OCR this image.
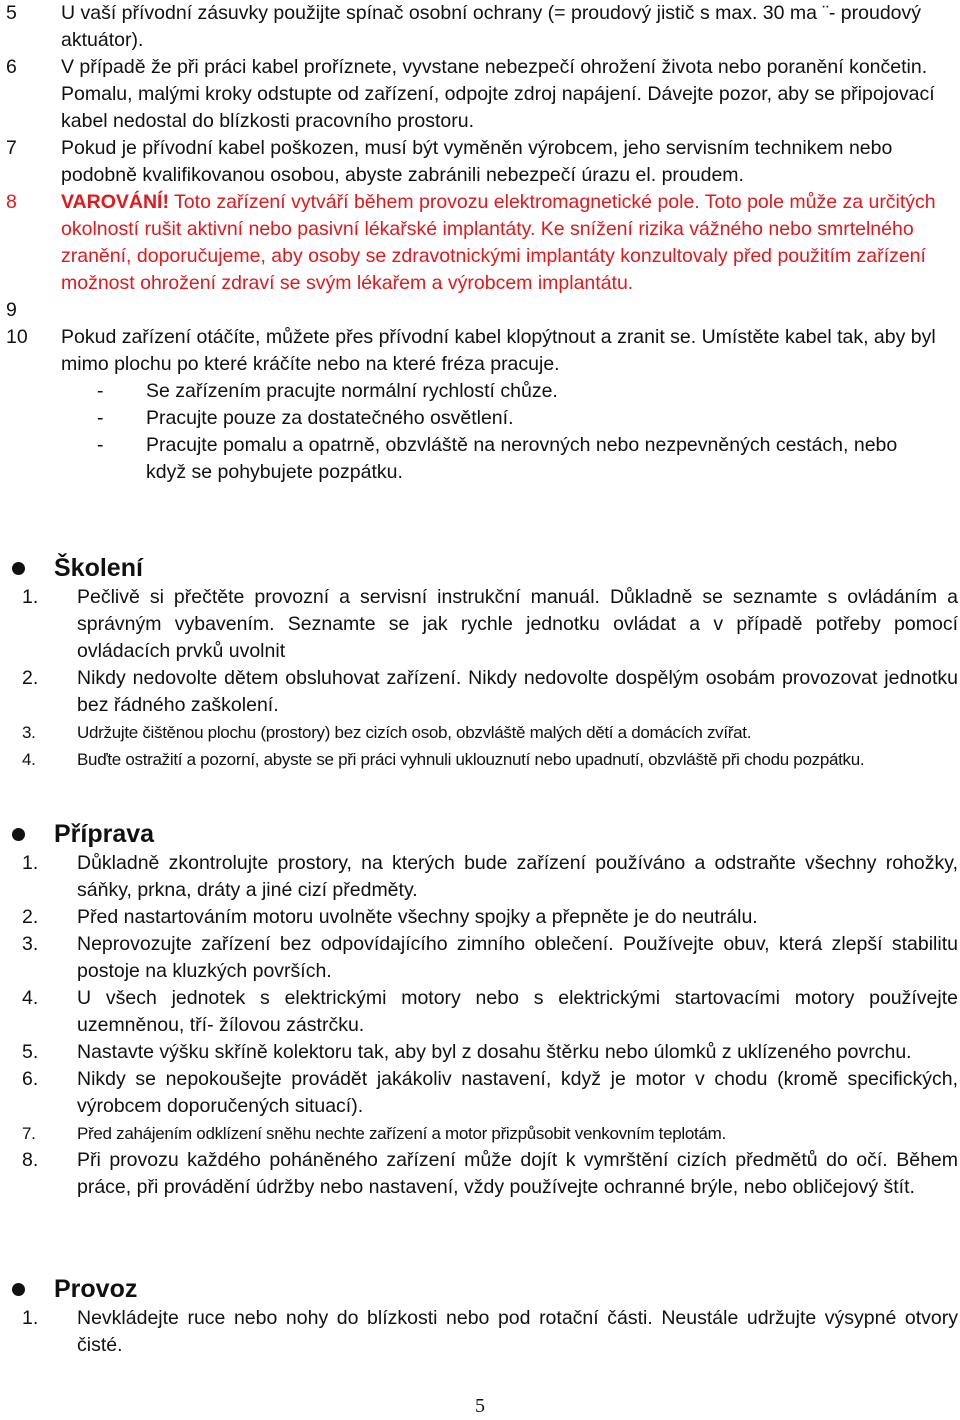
5	U vaší přívodní zásuvky použijte spínač osobní ochrany (= proudový jistič s max. 30 ma ¨- proudový aktuátor).
6	V případě že při práci kabel proříznete, vyvstane nebezpečí ohrožení života nebo poranění končetin. Pomalu, malými kroky odstupte od zařízení, odpojte zdroj napájení. Dávejte pozor, aby se připojovací kabel nedostal do blízkosti pracovního prostoru.
7	Pokud je přívodní kabel poškozen, musí být vyměněn výrobcem, jeho servisním technikem nebo podobně kvalifikovanou osobou, abyste zabránili nebezpečí úrazu el. proudem.
8	VAROVÁNÍ! Toto zařízení vytváří během provozu elektromagnetické pole. Toto pole může za určitých okolností rušit aktivní nebo pasivní lékařské implantáty. Ke snížení rizika vážného nebo smrtelného zranění, doporučujeme, aby osoby se zdravotnickými implantáty konzultovaly před použitím zařízení možnost ohrožení zdraví se svým lékařem a výrobcem implantátu.
9
10	Pokud zařízení otáčíte, můžete přes přívodní kabel klopýtnout a zranit se. Umístěte kabel tak, aby byl mimo plochu po které kráčíte nebo na které fréza pracuje.
-	Se zařízením pracujte normální rychlostí chůze.
-	Pracujte pouze za dostatečného osvětlení.
-	Pracujte pomalu a opatrně, obzvláště na nerovných nebo nezpevněných cestách, nebo když se pohybujete pozpátku.
Školení
1.	Pečlivě si přečtěte provozní a servisní instrukční manuál. Důkladně se seznamte s ovládáním a správným vybavením. Seznamte se jak rychle jednotku ovládat a v případě potřeby pomocí ovládacích prvků uvolnit
2.	Nikdy nedovolte dětem obsluhovat zařízení. Nikdy nedovolte dospělým osobám provozovat jednotku bez řádného zaškolení.
3.	Udržujte čištěnou plochu (prostory) bez cizích osob, obzvláště malých dětí a domácích zvířat.
4.	Buďte ostražití a pozorní, abyste se při práci vyhnuli uklouznutí nebo upadnutí, obzvláště při chodu pozpátku.
Příprava
1.	Důkladně zkontrolujte prostory, na kterých bude zařízení používáno a odstraňte všechny rohožky, sáňky, prkna, dráty a jiné cizí předměty.
2.	Před nastartováním motoru uvolněte všechny spojky a přepněte je do neutrálu.
3.	Neprovozujte zařízení bez odpovídajícího zimního oblečení. Používejte obuv, která zlepší stabilitu postoje na kluzkých površích.
4.	U všech jednotek s elektrickými motory nebo s elektrickými startovacími motory používejte uzemněnou, tří- žílovou zástrčku.
5.	Nastavte výšku skříně kolektoru tak, aby byl z dosahu štěrku nebo úlomků z uklízeného povrchu.
6.	Nikdy se nepokoušejte provádět jakákoliv nastavení, když je motor v chodu (kromě specifických, výrobcem doporučených situací).
7.	Před zahájením odklízení sněhu nechte zařízení a motor přizpůsobit venkovním teplotám.
8.	Při provozu každého poháněného zařízení může dojít k vymrštění cizích předmětů do očí. Během práce, při provádění údržby nebo nastavení, vždy používejte ochranné brýle, nebo obličejový štít.
Provoz
1.	Nevkládejte ruce nebo nohy do blízkosti nebo pod rotační části. Neustále udržujte výsypné otvory čisté.
5
